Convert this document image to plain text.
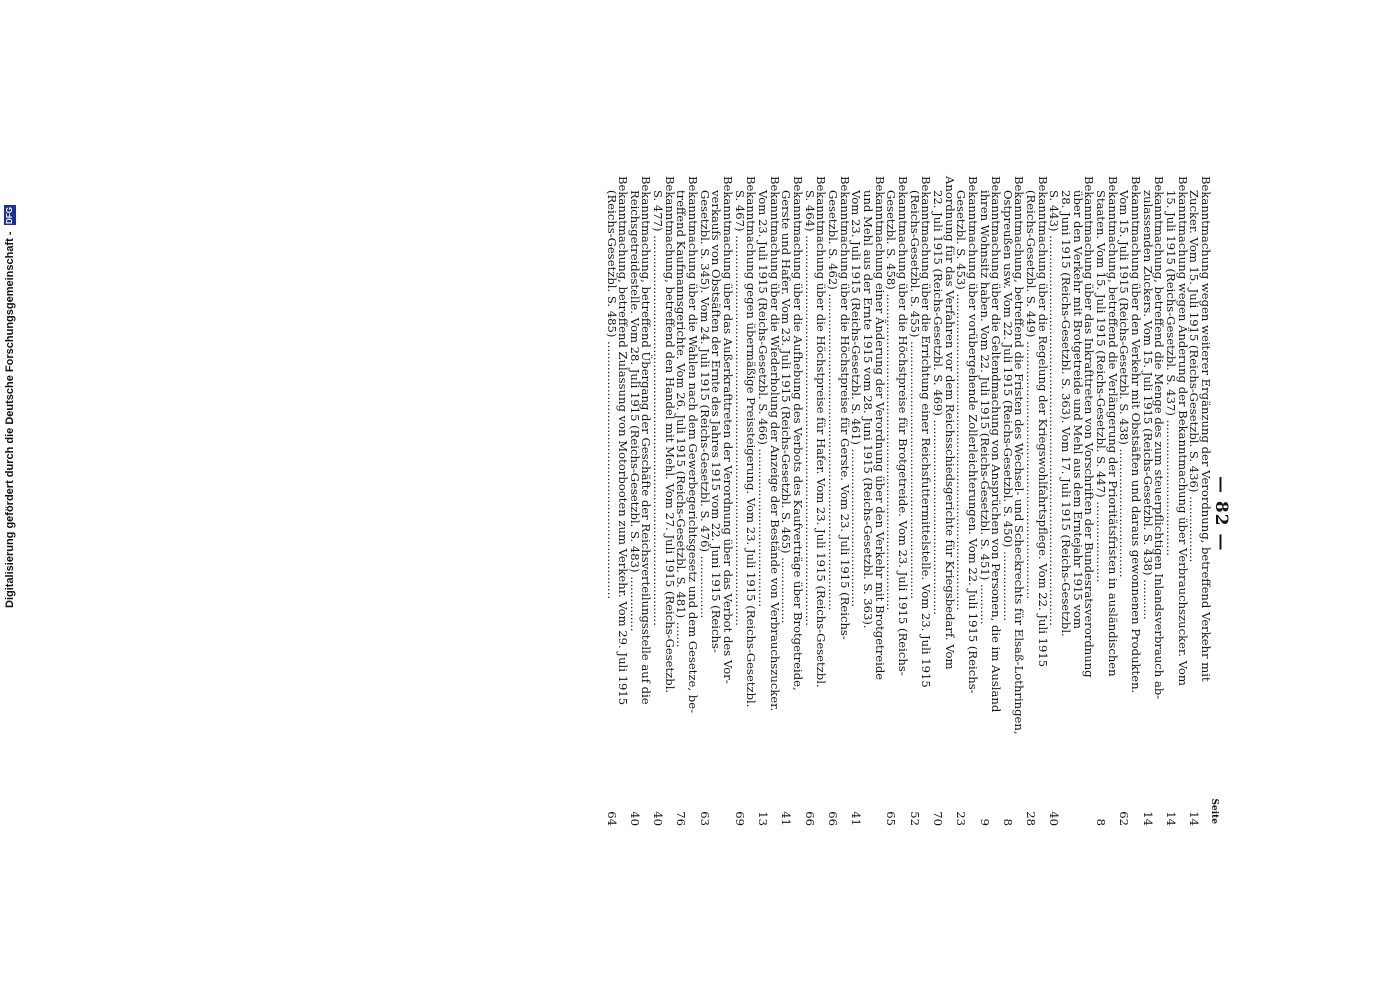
— 82 —
Seite
Bekanntmachung wegen weiterer Ergänzung der Verordnung, betreffend Verkehr mit
Zucker. Vom 15. Juli 1915 (Reichs-Gesetzbl. S. 436) ..................
14
Bekanntmachung wegen Änderung der Bekanntmachung über Verbrauchszucker. Vom
15. Juli 1915 (Reichs-Gesetzbl. S. 437) .....................................
14
Bekanntmachung, betreffend die Menge des zum steuerpflichtigen Inlandsverbrauch ab-
zulassenden Zuckers. Vom 15. Juli 1915 (Reichs-Gesetzbl. S. 438) ...........
14
Bekanntmachung über den Verkehr mit Obstsäften und daraus gewonnenen Produkten.
Vom 15. Juli 1915 (Reichs-Gesetzbl. S. 438) ...................................
62
Bekanntmachung, betreffend die Verlängerung der Prioritätsfristen in ausländischen
Staaten. Vom 15. Juli 1915 (Reichs-Gesetzbl. S. 447) ......................
8
Bekanntmachung über das Inkrafttreten von Vorschriften der Bundesratsverordnung
über den Verkehr mit Brotgetreide und Mehl aus dem Erntejahr 1915 vom
28. Juni 1915 (Reichs-Gesetzbl. S. 363). Vom 17. Juli 1915 (Reichs-Gesetzbl.
S. 443) ..........................................................................................................
40
Bekanntmachung über die Regelung der Kriegswohlfahrtspflege. Vom 22. Juli 1915
(Reichs-Gesetzbl. S. 449) ......................................................................
28
Bekanntmachung, betreffend die Fristen des Wechsel- und Scheckrechts für Elsaß-Lothringen,
Ostpreußen usw. Vom 22. Juli 1915 (Reichs-Gesetzbl. S. 450) ...................
8
Bekanntmachung über die Geltendmachung von Ansprüchen von Personen, die im Ausland
ihren Wohnsitz haben. Vom 22. Juli 1915 (Reichs-Gesetzbl. S. 451) ...........
9
Bekanntmachung über vorübergehende Zollerleichterungen. Vom 22. Juli 1915 (Reichs-
Gesetzbl. S. 453) ......................................................................................
23
Anordnung für das Verfahren vor dem Reichsschiedsgerichte für Kriegsbedarf. Vom
22. Juli 1915 (Reichs-Gesetzbl. S. 469) .....................................................
70
Bekanntmachung über die Errichtung einer Reichsfuttermittelstelle. Vom 23. Juli 1915
(Reichs-Gesetzbl. S. 455) ......................................................................
52
Bekanntmachung über die Höchstpreise für Brotgetreide. Vom 23. Juli 1915 (Reichs-
Gesetzbl. S. 458) ......................................................................................
65
Bekanntmachung einer Änderung der Verordnung über den Verkehr mit Brotgetreide
und Mehl aus der Ernte 1915 vom 28. Juni 1915 (Reichs-Gesetzbl. S. 363).
Vom 23. Juli 1915 (Reichs-Gesetzbl. S. 461) ...........................................
41
Bekanntmachung über die Höchstpreise für Gerste. Vom 23. Juli 1915 (Reichs-
Gesetzbl. S. 462) ......................................................................................
66
Bekanntmachung über die Höchstpreise für Hafer. Vom 23. Juli 1915 (Reichs-Gesetzbl.
S. 464) ..........................................................................................................
66
Bekanntmachung über die Aufhebung des Verbots des Kaufverträge über Brotgetreide,
Gerste und Hafer. Vom 23. Juli 1915 (Reichs-Gesetzbl. S. 465) ..................
41
Bekanntmachung über die Wiederholung der Anzeige der Bestände von Verbrauchszucker.
Vom 23. Juli 1915 (Reichs-Gesetzbl. S. 466) ...........................................
13
Bekanntmachung gegen übermäßige Preissteigerung. Vom 23. Juli 1915 (Reichs-Gesetzbl.
S. 467) ..........................................................................................................
69
Bekanntmachung über das Außerkrafttreten der Verordnung über das Verbot des Vor-
verkaufs von Obstsäften der Ernte des Jahres 1915 vom 22. Juni 1915 (Reichs-
Gesetzbl. S. 345). Vom 24. Juli 1915 (Reichs-Gesetzbl. S. 476) .................
63
Bekanntmachung über die Wahlen nach dem Gewerbegerichtsgesetz und dem Gesetze, be-
treffend Kaufmannsgerichte. Vom 26. Juli 1915 (Reichs-Gesetzbl. S. 481) .......
76
Bekanntmachung, betreffend den Handel mit Mehl. Vom 27. Juli 1915 (Reichs-Gesetzbl.
S. 477) ..........................................................................................................
40
Bekanntmachung, betreffend Übergang der Geschäfte der Reichsverteilungsstelle auf die
Reichsgetreidestelle. Vom 28. Juli 1915 (Reichs-Gesetzbl. S. 483) ...............
40
Bekanntmachung, betreffend Zulassung von Motorbooten zum Verkehr. Vom 29. Juli 1915
(Reichs-Gesetzbl. S. 485) ......................................................................
64
Digitalisierung gefördert durch die Deutsche Forschungsgemeinschaft -
DFG
